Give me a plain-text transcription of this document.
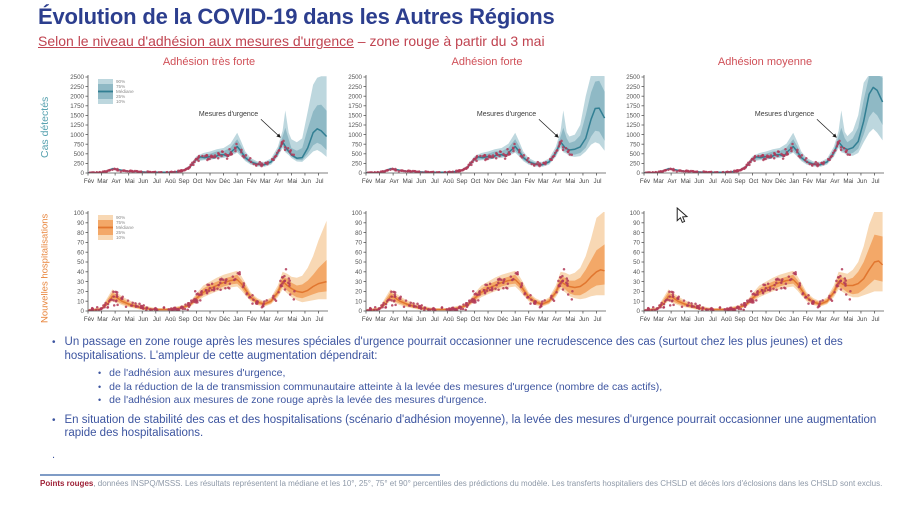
Évolution de la COVID-19 dans les Autres Régions
Selon le niveau d'adhésion aux mesures d'urgence – zone rouge à partir du 3 mai
Cas détectés
Adhésion très forte
0
250
500
750
1000
1250
1500
1750
2000
2250
2500
Fév Mar Avr Mai Jun Jul Aoû Sep Oct Nov Déc Jan Fév Mar Avr Mai Jun Jul
90%
75%
Médiane
25%
10%
Mesures d'urgence
Adhésion forte
0
250
500
750
1000
1250
1500
1750
2000
2250
2500
Fév Mar Avr Mai Jun Jul Aoû Sep Oct Nov Déc Jan Fév Mar Avr Mai Jun Jul
Mesures d'urgence
Adhésion moyenne
0
250
500
750
1000
1250
1500
1750
2000
2250
2500
Fév Mar Avr Mai Jun Jul Aoû Sep Oct Nov Déc Jan Fév Mar Avr Mai Jun Jul
Mesures d'urgence
Nouvelles hospitalisations	0
10
20
30
40
50
60
70
80
90
100
Fév Mar Avr Mai Jun Jul Aoû Sep Oct Nov Déc Jan Fév Mar Avr Mai Jun Jul
90%
75%
Médiane
25%
10%
0
10
20
30
40
50
60
70
80
90
100
Fév Mar Avr Mai Jun Jul Aoû Sep Oct Nov Déc Jan Fév Mar Avr Mai Jun Jul
0
10
20
30
40
50
60
70
80
90
100
Fév Mar Avr Mai Jun Jul Aoû Sep Oct Nov Déc Jan Fév Mar Avr Mai Jun Jul
• Un passage en zone rouge après les mesures spéciales d'urgence pourrait occasionner une recrudescence des cas (surtout chez les plus jeunes) et des hospitalisations. L'ampleur de cette augmentation dépendrait:
• de l'adhésion aux mesures d'urgence,
• de la réduction de la de transmission communautaire atteinte à la levée des mesures d'urgence (nombre de cas actifs),
• de l'adhésion aux mesures de zone rouge après la levée des mesures d'urgence.
• En situation de stabilité des cas et des hospitalisations (scénario d'adhésion moyenne), la levée des mesures d'urgence pourrait occasionner une augmentation rapide des hospitalisations.
.
Points rouges, données INSPQ/MSSS. Les résultats représentent la médiane et les 10°, 25°, 75° et 90° percentiles des prédictions du modèle. Les transferts hospitaliers des CHSLD et décès lors d'éclosions dans les CHSLD sont exclus.
